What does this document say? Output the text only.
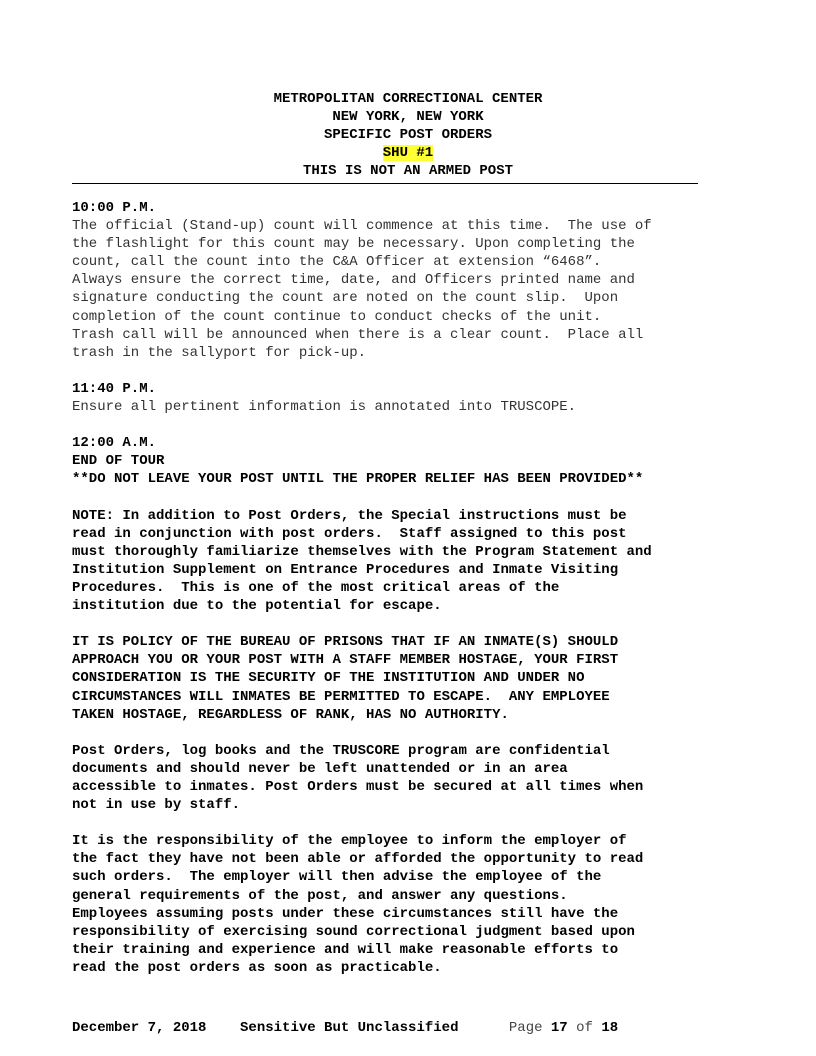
METROPOLITAN CORRECTIONAL CENTER
NEW YORK, NEW YORK
SPECIFIC POST ORDERS
SHU #1
THIS IS NOT AN ARMED POST
10:00 P.M.
The official (Stand-up) count will commence at this time.  The use of
the flashlight for this count may be necessary. Upon completing the
count, call the count into the C&A Officer at extension “6468”.
Always ensure the correct time, date, and Officers printed name and
signature conducting the count are noted on the count slip.  Upon
completion of the count continue to conduct checks of the unit.
Trash call will be announced when there is a clear count.  Place all
trash in the sallyport for pick-up.
11:40 P.M.
Ensure all pertinent information is annotated into TRUSCOPE.
12:00 A.M.
END OF TOUR
**DO NOT LEAVE YOUR POST UNTIL THE PROPER RELIEF HAS BEEN PROVIDED**
NOTE: In addition to Post Orders, the Special instructions must be
read in conjunction with post orders.  Staff assigned to this post
must thoroughly familiarize themselves with the Program Statement and
Institution Supplement on Entrance Procedures and Inmate Visiting
Procedures.  This is one of the most critical areas of the
institution due to the potential for escape.
IT IS POLICY OF THE BUREAU OF PRISONS THAT IF AN INMATE(S) SHOULD
APPROACH YOU OR YOUR POST WITH A STAFF MEMBER HOSTAGE, YOUR FIRST
CONSIDERATION IS THE SECURITY OF THE INSTITUTION AND UNDER NO
CIRCUMSTANCES WILL INMATES BE PERMITTED TO ESCAPE.  ANY EMPLOYEE
TAKEN HOSTAGE, REGARDLESS OF RANK, HAS NO AUTHORITY.
Post Orders, log books and the TRUSCORE program are confidential
documents and should never be left unattended or in an area
accessible to inmates. Post Orders must be secured at all times when
not in use by staff.
It is the responsibility of the employee to inform the employer of
the fact they have not been able or afforded the opportunity to read
such orders.  The employer will then advise the employee of the
general requirements of the post, and answer any questions.
Employees assuming posts under these circumstances still have the
responsibility of exercising sound correctional judgment based upon
their training and experience and will make reasonable efforts to
read the post orders as soon as practicable.
December 7, 2018 Sensitive But Unclassified	Page 17 of 18
